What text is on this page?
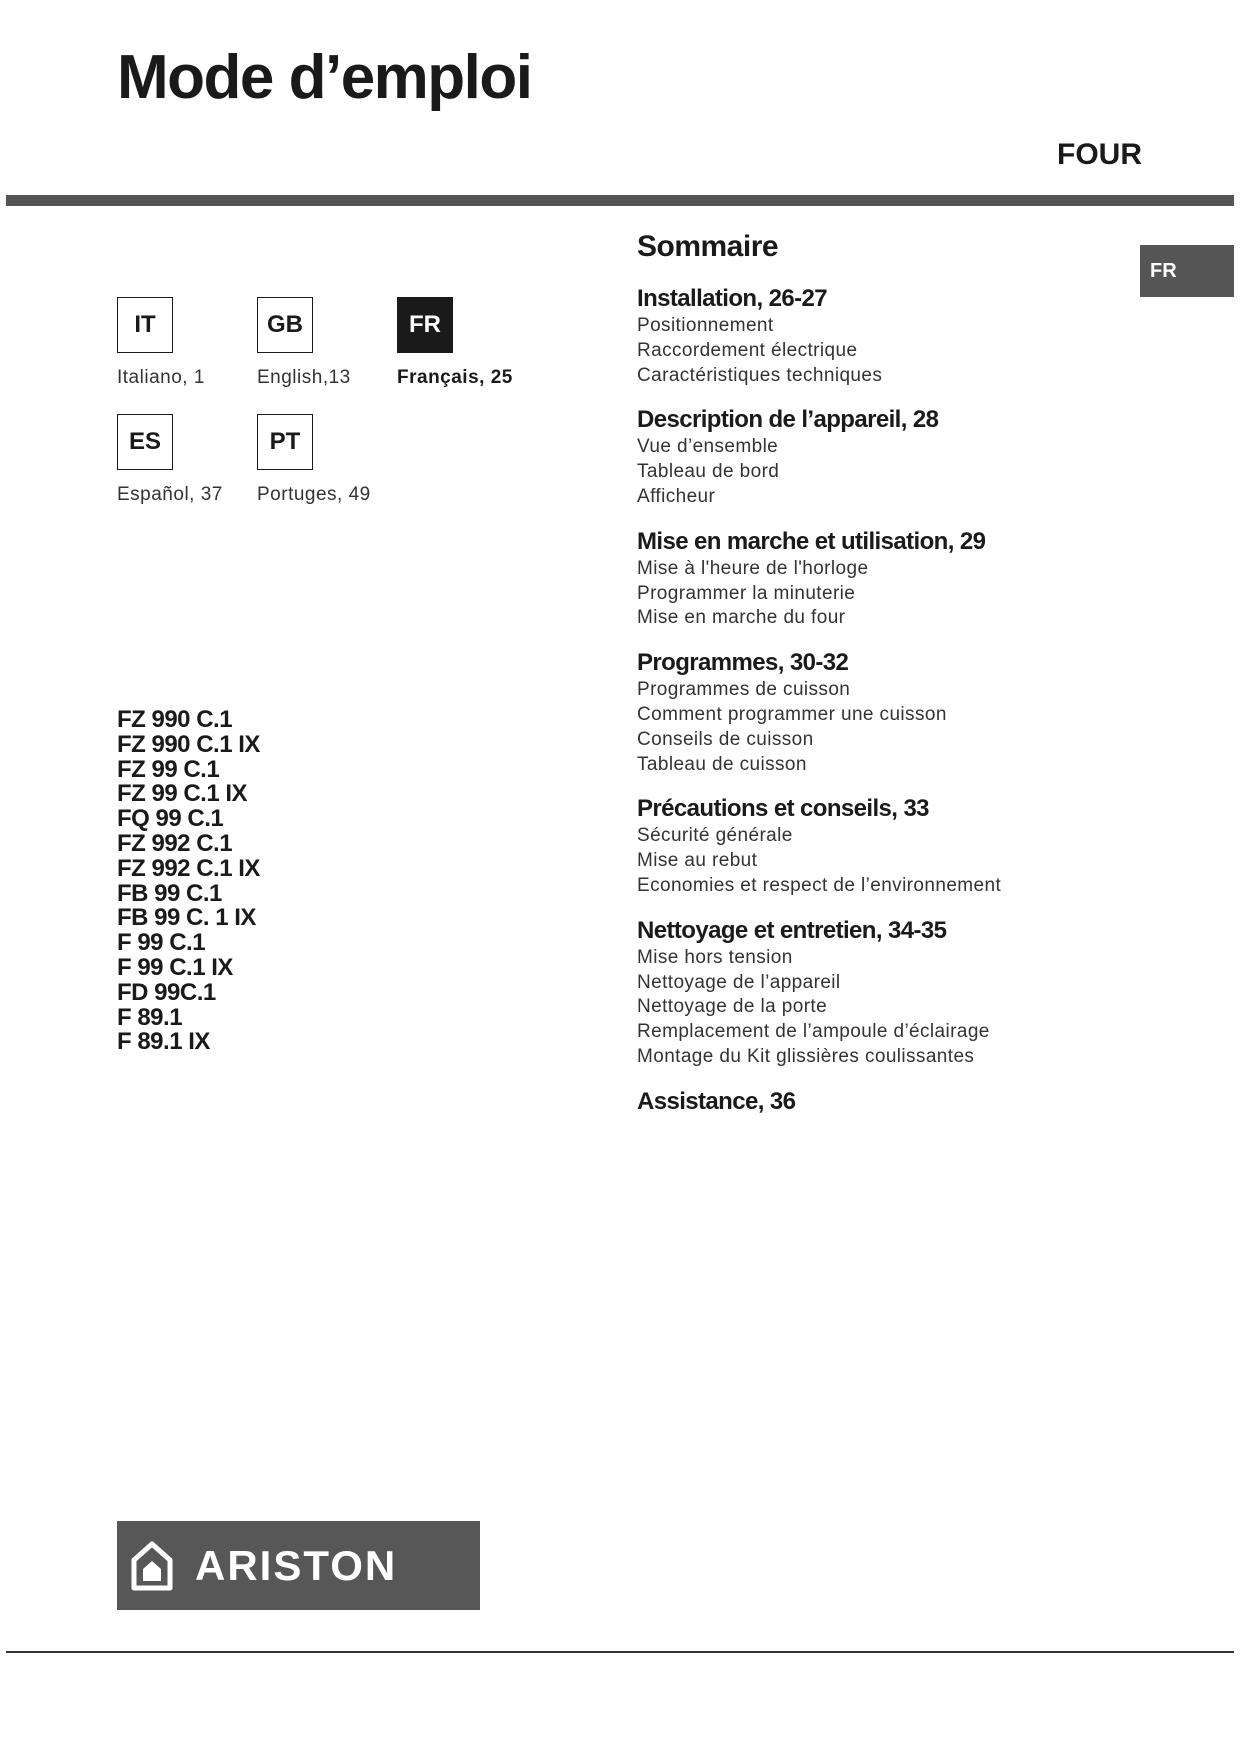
Mode d’emploi
FOUR
FR
IT
Italiano, 1
GB
English,13
FR
Français, 25
ES
Español, 37
PT
Portuges, 49
FZ 990 C.1
FZ 990 C.1 IX
FZ 99 C.1
FZ 99 C.1 IX
FQ 99 C.1
FZ 992 C.1
FZ 992 C.1 IX
FB 99 C.1
FB 99 C. 1 IX
F 99 C.1
F 99 C.1 IX
FD 99C.1
F 89.1
F 89.1 IX
Sommaire
Installation, 26-27
Positionnement
Raccordement électrique
Caractéristiques techniques
Description de l’appareil, 28
Vue d’ensemble
Tableau de bord
Afficheur
Mise en marche et utilisation, 29
Mise à l'heure de l'horloge
Programmer la minuterie
Mise en marche du four
Programmes, 30-32
Programmes de cuisson
Comment programmer une cuisson
Conseils de cuisson
Tableau de cuisson
Précautions et conseils, 33
Sécurité générale
Mise au rebut
Economies et respect de l’environnement
Nettoyage et entretien, 34-35
Mise hors tension
Nettoyage de l’appareil
Nettoyage de la porte
Remplacement de l’ampoule d’éclairage
Montage du Kit glissières coulissantes
Assistance, 36
ARISTON
